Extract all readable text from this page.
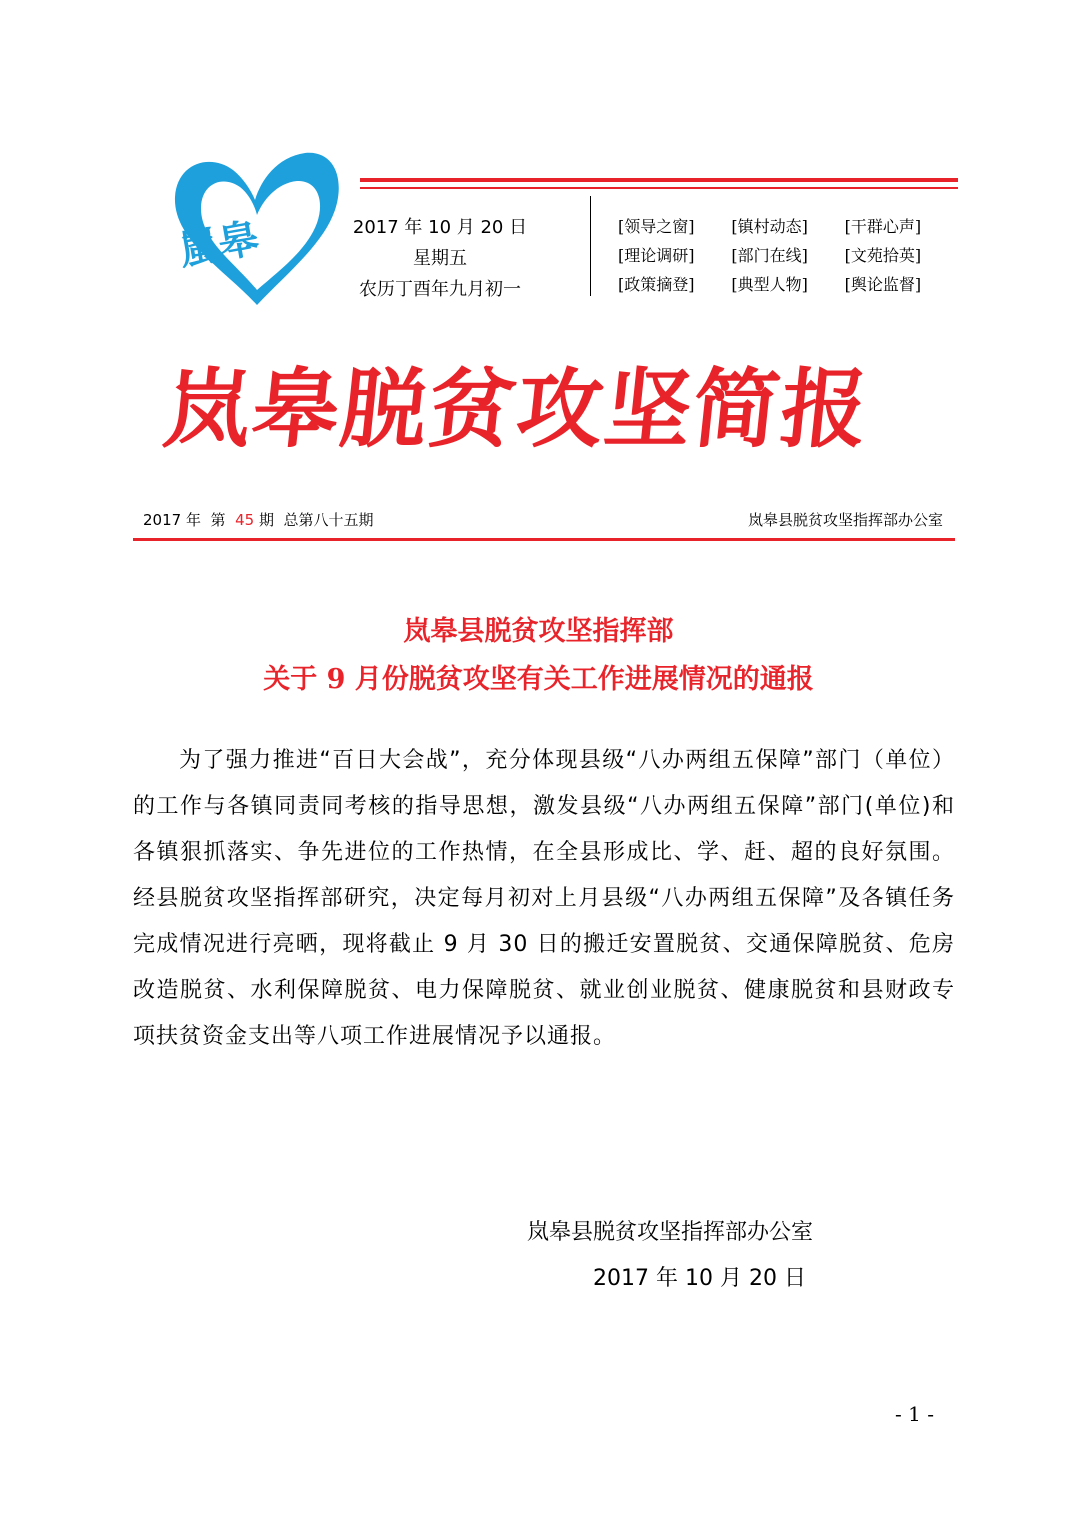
嵐皋	2017 年 10 月 20 日
星期五
农历丁酉年九月初一
[领导之窗]	[镇村动态]	[干群心声]
[理论调研]	[部门在线]	[文苑拾英]
[政策摘登]	[典型人物]	[舆论监督]
岚皋脱贫攻坚简报
2017 年 第 45 期 总第八十五期	岚皋县脱贫攻坚指挥部办公室
岚皋县脱贫攻坚指挥部
关于 9 月份脱贫攻坚有关工作进展情况的通报

为了强力推进“百日大会战”，充分体现县级“八办两组五保障”部门（单位）的工作与各镇同责同考核的指导思想，激发县级“八办两组五保障”部门(单位)和各镇狠抓落实、争先进位的工作热情，在全县形成比、学、赶、超的良好氛围。经县脱贫攻坚指挥部研究，决定每月初对上月县级“八办两组五保障”及各镇任务完成情况进行亮晒，现将截止 9 月 30 日的搬迁安置脱贫、交通保障脱贫、危房改造脱贫、水利保障脱贫、电力保障脱贫、就业创业脱贫、健康脱贫和县财政专项扶贫资金支出等八项工作进展情况予以通报。

岚皋县脱贫攻坚指挥部办公室
2017 年 10 月 20 日
- 1 -
